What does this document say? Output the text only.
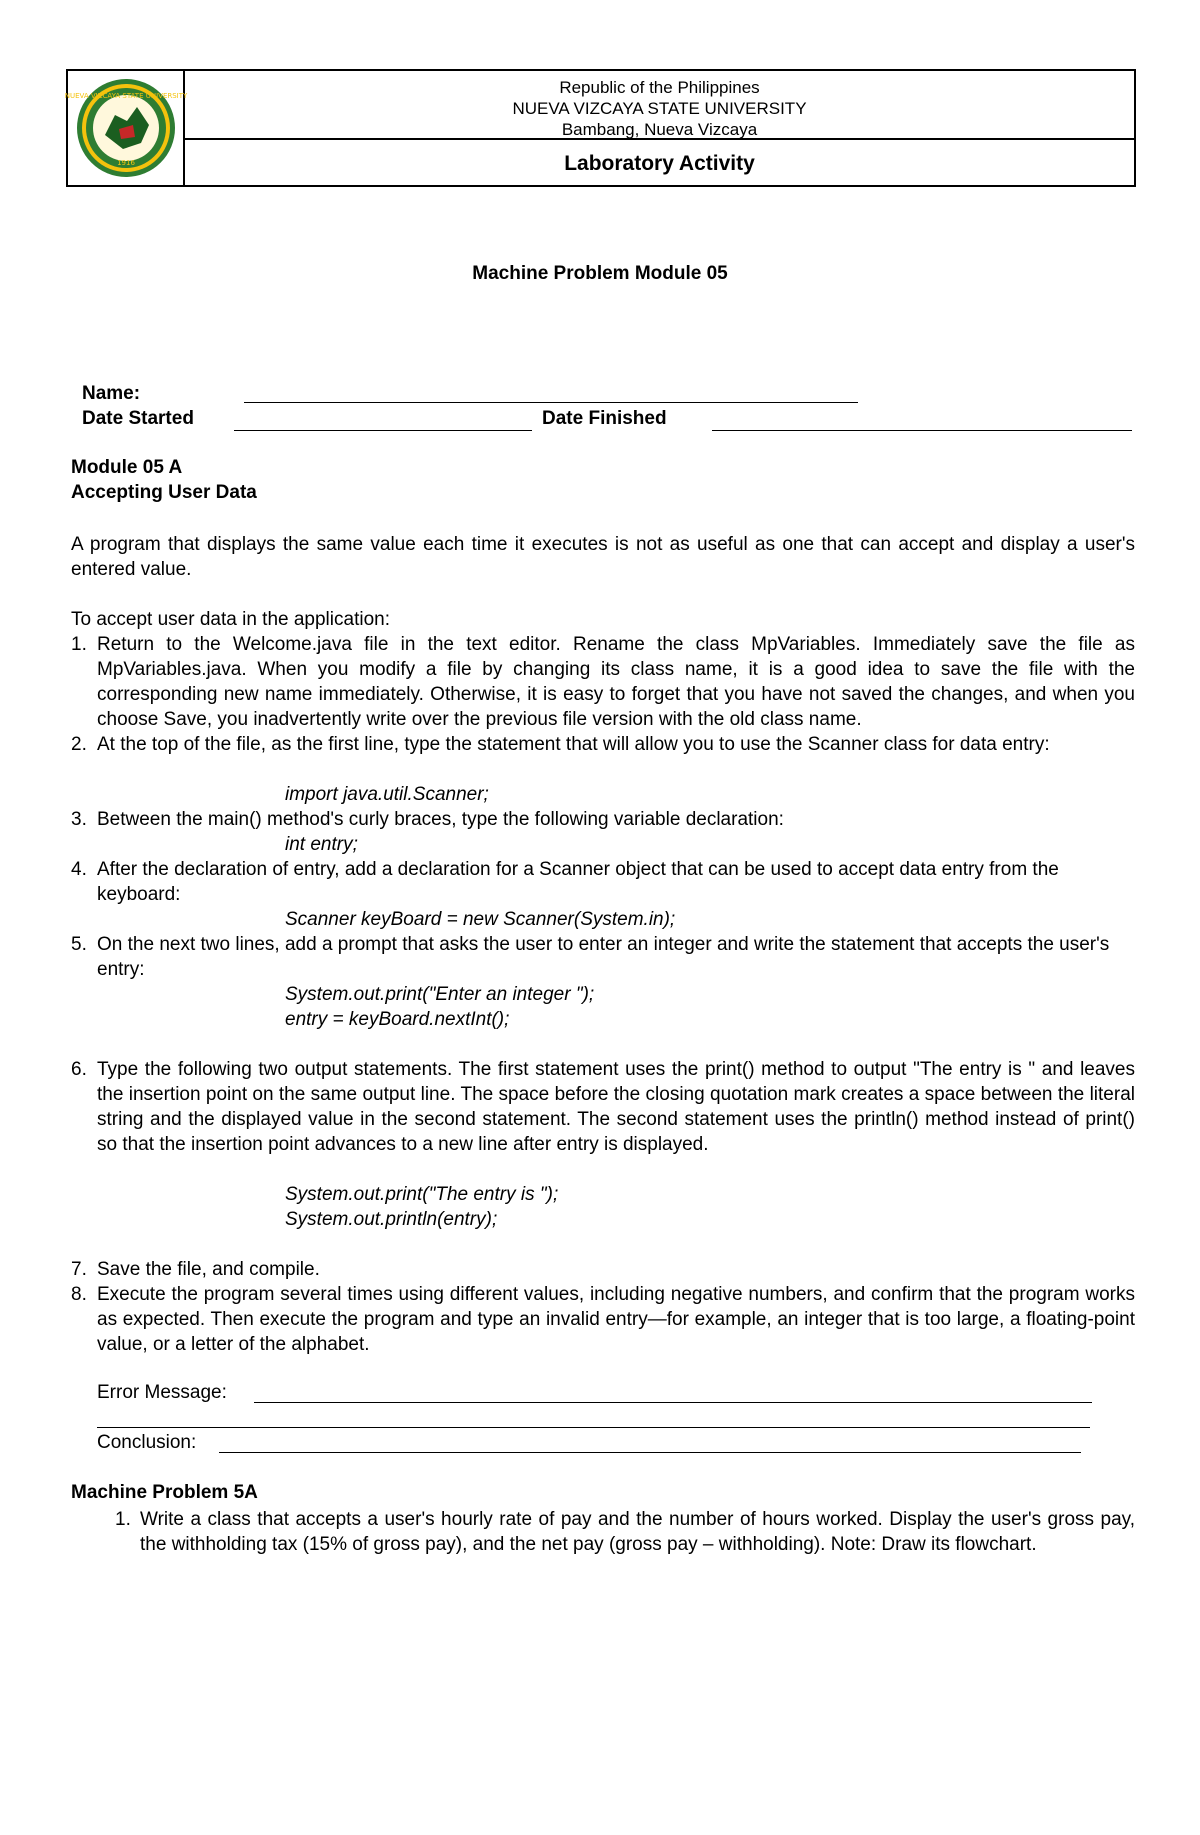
NUEVA VIZCAYA STATE UNIVERSITY
1916
Republic of the Philippines
NUEVA VIZCAYA STATE UNIVERSITY
Bambang, Nueva Vizcaya
Laboratory Activity
Machine Problem Module 05
Name:
Date Started	Date Finished
Module 05 A
Accepting User Data
A program that displays the same value each time it executes is not as useful as one that can accept and display a user's entered value.
To accept user data in the application:
1. Return to the Welcome.java file in the text editor. Rename the class MpVariables. Immediately save the file as MpVariables.java. When you modify a file by changing its class name, it is a good idea to save the file with the corresponding new name immediately. Otherwise, it is easy to forget that you have not saved the changes, and when you choose Save, you inadvertently write over the previous file version with the old class name.
2. At the top of the file, as the first line, type the statement that will allow you to use the Scanner class for data entry:
import java.util.Scanner;
3. Between the main() method's curly braces, type the following variable declaration:
int entry;
4. After the declaration of entry, add a declaration for a Scanner object that can be used to accept data entry from the keyboard:
Scanner keyBoard = new Scanner(System.in);
5. On the next two lines, add a prompt that asks the user to enter an integer and write the statement that accepts the user's entry:
System.out.print("Enter an integer ");
entry = keyBoard.nextInt();
6. Type the following two output statements. The first statement uses the print() method to output "The entry is " and leaves the insertion point on the same output line. The space before the closing quotation mark creates a space between the literal string and the displayed value in the second statement. The second statement uses the println() method instead of print() so that the insertion point advances to a new line after entry is displayed.
System.out.print("The entry is ");
System.out.println(entry);
7. Save the file, and compile.
8. Execute the program several times using different values, including negative numbers, and confirm that the program works as expected. Then execute the program and type an invalid entry—for example, an integer that is too large, a floating-point value, or a letter of the alphabet.
Error Message:
Conclusion:
Machine Problem 5A
1. Write a class that accepts a user's hourly rate of pay and the number of hours worked. Display the user's gross pay, the withholding tax (15% of gross pay), and the net pay (gross pay – withholding). Note: Draw its flowchart.
